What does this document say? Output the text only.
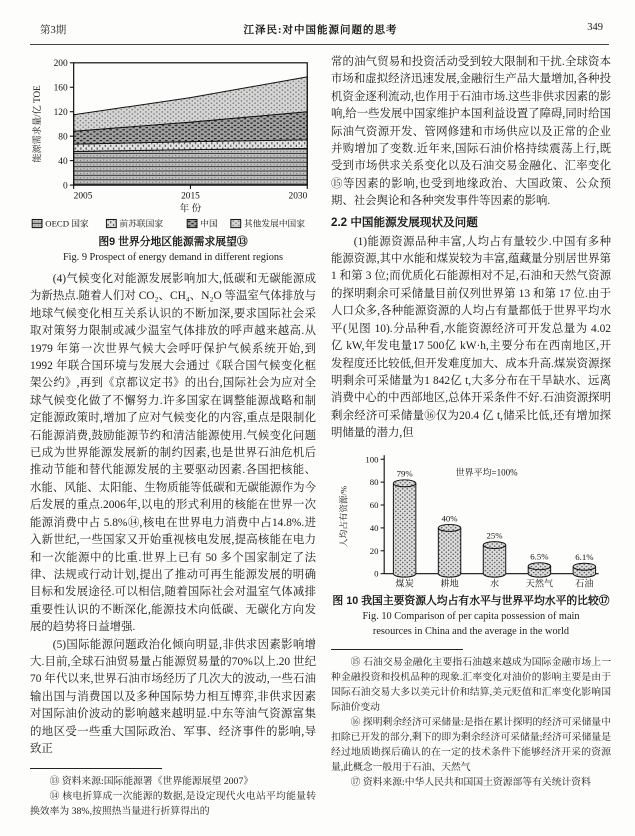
第3期	江泽民:对中国能源问题的思考	349
0
40
80
120
160
200
2005	2015	2030
年 份
能源需求量/亿 TOE
OECD 国家	前苏联国家	中国	其他发展中国家
图9 世界分地区能源需求展望⑬
Fig. 9 Prospect of energy demand in different regions

(4)气候变化对能源发展影响加大,低碳和无碳能源成为新热点.随着人们对 CO₂、CH₄、N₂O 等温室气体排放与地球气候变化相互关系认识的不断加深,要求国际社会采取对策努力限制或减少温室气体排放的呼声越来越高.从 1979 年第一次世界气候大会呼吁保护气候系统开始,到 1992 年联合国环境与发展大会通过《联合国气候变化框架公约》,再到《京都议定书》的出台,国际社会为应对全球气候变化做了不懈努力.许多国家在调整能源战略和制定能源政策时,增加了应对气候变化的内容,重点是限制化石能源消费,鼓励能源节约和清洁能源使用.气候变化问题已成为世界能源发展新的制约因素,也是世界石油危机后推动节能和替代能源发展的主要驱动因素.各国把核能、水能、风能、太阳能、生物质能等低碳和无碳能源作为今后发展的重点.2006年,以电的形式利用的核能在世界一次能源消费中占 5.8%⑭,核电在世界电力消费中占14.8%.进入新世纪,一些国家又开始重视核电发展,提高核能在电力和一次能源中的比重.世界上已有 50 多个国家制定了法律、法规或行动计划,提出了推动可再生能源发展的明确目标和发展途径.可以相信,随着国际社会对温室气体减排重要性认识的不断深化,能源技术向低碳、无碳化方向发展的趋势将日益增强.

(5)国际能源问题政治化倾向明显,非供求因素影响增大.目前,全球石油贸易量占能源贸易量的70%以上.20 世纪 70 年代以来,世界石油市场经历了几次大的波动,一些石油输出国与消费国以及多种国际势力相互博弈,非供求因素对国际油价波动的影响越来越明显.中东等油气资源富集的地区受一些重大国际政治、军事、经济事件的影响,导致正

⑬ 资料来源:国际能源署《世界能源展望 2007》

⑭ 核电折算成一次能源的数据,是设定现代火电站平均能量转换效率为 38%,按照热当量进行折算得出的

常的油气贸易和投资活动受到较大限制和干扰.全球资本市场和虚拟经济迅速发展,金融衍生产品大量增加,各种投机资金逐利流动,也作用于石油市场.这些非供求因素的影响,给一些发展中国家维护本国利益设置了障碍,同时给国际油气资源开发、管网修建和市场供应以及正常的企业并购增加了变数.近年来,国际石油价格持续震荡上行,既受到市场供求关系变化以及石油交易金融化、汇率变化⑮等因素的影响,也受到地缘政治、大国政策、公众预期、社会舆论和各种突发事件等因素的影响.

2.2 中国能源发展现状及问题

(1)能源资源品种丰富,人均占有量较少.中国有多种能源资源,其中水能和煤炭较为丰富,蕴藏量分别居世界第 1 和第 3 位;而优质化石能源相对不足,石油和天然气资源的探明剩余可采储量目前仅列世界第 13 和第 17 位.由于人口众多,各种能源资源的人均占有量都低于世界平均水平(见图 10).分品种看,水能资源经济可开发总量为 4.02 亿 kW,年发电量17 500亿 kW·h,主要分布在西南地区,开发程度还比较低,但开发难度加大、成本升高.煤炭资源探明剩余可采储量为1 842亿 t,大多分布在干旱缺水、远离消费中心的中西部地区,总体开采条件不好.石油资源探明剩余经济可采储量⑯仅为20.4 亿 t,储采比低,还有增加探明储量的潜力,但

0
20
40
60
80
100
人均占有资源/%
世界平均=100%
79%
煤炭
40%
耕地
25%
水
6.5%
天然气
6.1%
石油
图 10 我国主要资源人均占有水平与世界平均水平的比较⑰
Fig. 10 Comparison of per capita possession of main
resources in China and the average in the world

⑮ 石油交易金融化主要指石油越来越成为国际金融市场上一种金融投资和投机品种的现象.汇率变化对油价的影响主要是由于国际石油交易大多以美元计价和结算,美元贬值和汇率变化影响国际油价变动

⑯ 探明剩余经济可采储量:是指在累计探明的经济可采储量中扣除已开发的部分,剩下的即为剩余经济可采储量;经济可采储量是经过地质勘探后确认的在一定的技术条件下能够经济开采的资源量,此概念一般用于石油、天然气

⑰ 资料来源:中华人民共和国国土资源部等有关统计资料
